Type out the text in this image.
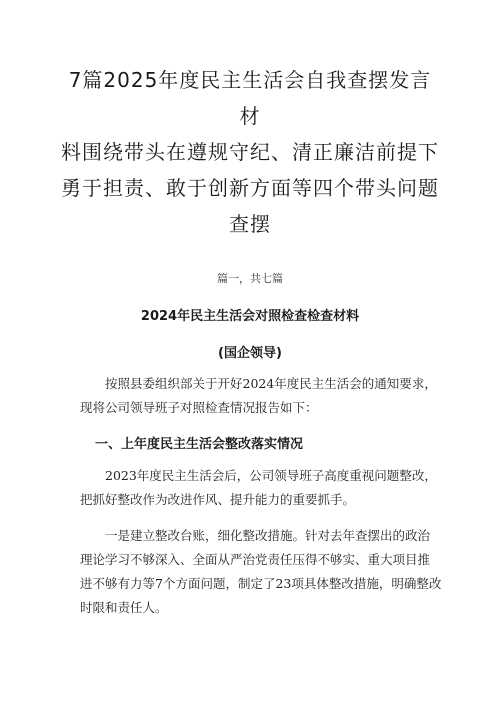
7篇2025年度民主生活会自我查摆发言材
料围绕带头在遵规守纪、清正廉洁前提下
勇于担责、敢于创新方面等四个带头问题
查摆
篇一，共七篇
2024年民主生活会对照检查检查材料
(国企领导)

按照县委组织部关于开好2024年度民主生活会的通知要求，现将公司领导班子对照检查情况报告如下：

一、上年度民主生活会整改落实情况

2023年度民主生活会后，公司领导班子高度重视问题整改，把抓好整改作为改进作风、提升能力的重要抓手。

一是建立整改台账，细化整改措施。针对去年查摆出的政治理论学习不够深入、全面从严治党责任压得不够实、重大项目推进不够有力等7个方面问题，制定了23项具体整改措施，明确整改时限和责任人。
